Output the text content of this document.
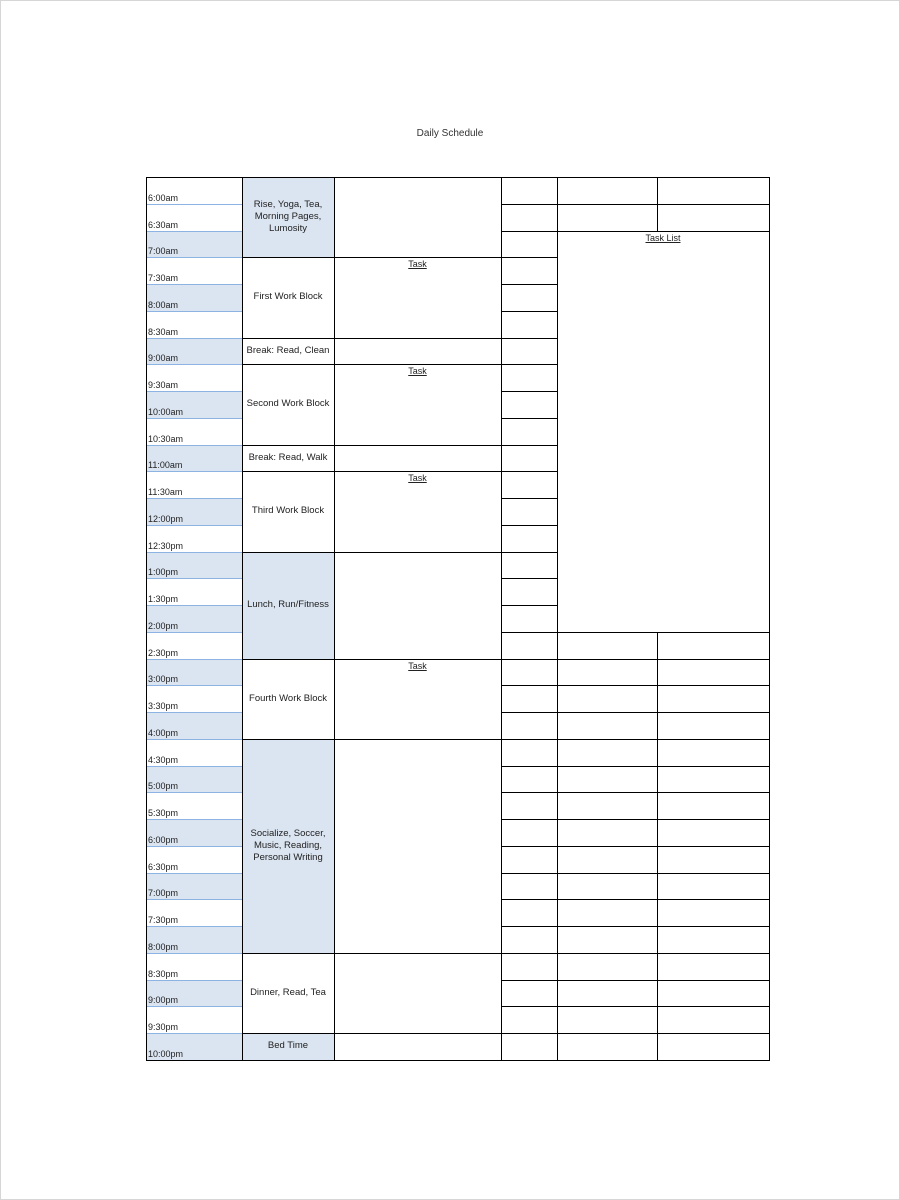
Daily Schedule
6:00am
6:30am
7:00am
7:30am
8:00am
8:30am
9:00am
9:30am
10:00am
10:30am
11:00am
11:30am
12:00pm
12:30pm
1:00pm
1:30pm
2:00pm
2:30pm
3:00pm
3:30pm
4:00pm
4:30pm
5:00pm
5:30pm
6:00pm
6:30pm
7:00pm
7:30pm
8:00pm
8:30pm
9:00pm
9:30pm
10:00pm
Rise, Yoga, Tea, Morning Pages, Lumosity
First Work Block
Task
Break: Read, Clean
Second Work Block
Task
Break: Read, Walk
Third Work Block
Task
Lunch, Run/Fitness
Fourth Work Block
Task
Socialize, Soccer, Music, Reading, Personal Writing
Dinner, Read, Tea
Bed Time
Task List
